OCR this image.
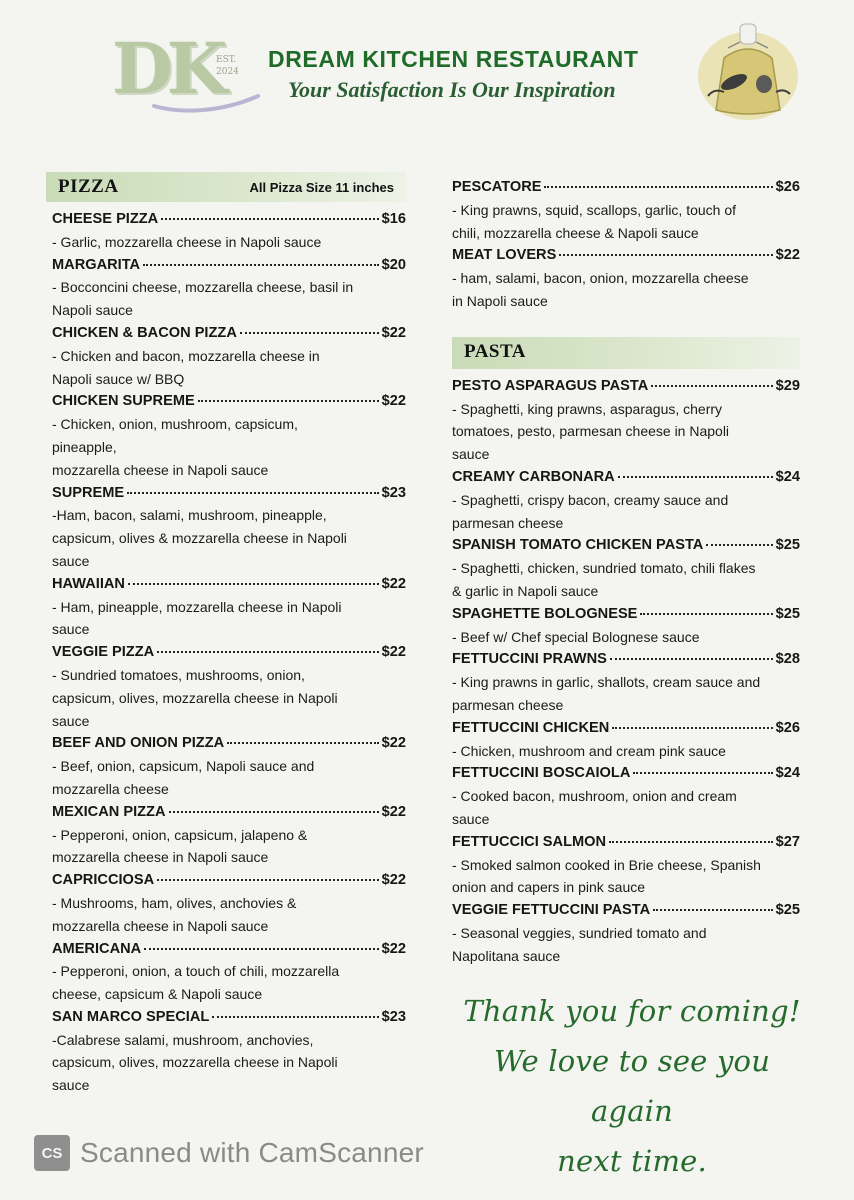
DK
EST. 2024	DREAM KITCHEN RESTAURANT
Your Satisfaction Is Our Inspiration
PIZZA	All Pizza Size 11 inches
CHEESE PIZZA	$16
- Garlic, mozzarella cheese in Napoli sauce
MARGARITA	$20
- Bocconcini cheese, mozzarella cheese, basil in
Napoli sauce
CHICKEN & BACON PIZZA	$22
- Chicken and bacon, mozzarella cheese in
Napoli sauce w/ BBQ
CHICKEN SUPREME	$22
- Chicken, onion, mushroom, capsicum,
pineapple,
mozzarella cheese in Napoli sauce
SUPREME	$23
-Ham, bacon, salami, mushroom, pineapple,
capsicum, olives & mozzarella cheese in Napoli
sauce
HAWAIIAN	$22
- Ham, pineapple, mozzarella cheese in Napoli
sauce
VEGGIE PIZZA	$22
- Sundried tomatoes, mushrooms, onion,
capsicum, olives, mozzarella cheese in Napoli
sauce
BEEF AND ONION PIZZA	$22
- Beef, onion, capsicum, Napoli sauce and
mozzarella cheese
MEXICAN PIZZA	$22
- Pepperoni, onion, capsicum, jalapeno &
mozzarella cheese in Napoli sauce
CAPRICCIOSA	$22
- Mushrooms, ham, olives, anchovies &
mozzarella cheese in Napoli sauce
AMERICANA	$22
- Pepperoni, onion, a touch of chili, mozzarella
cheese, capsicum & Napoli sauce
SAN MARCO SPECIAL	$23
-Calabrese salami, mushroom, anchovies,
capsicum, olives, mozzarella cheese in Napoli
sauce
PESCATORE	$26
- King prawns, squid, scallops, garlic, touch of
chili, mozzarella cheese & Napoli sauce
MEAT LOVERS	$22
- ham, salami, bacon, onion, mozzarella cheese
in Napoli sauce
PASTA
PESTO ASPARAGUS PASTA	$29
- Spaghetti, king prawns, asparagus, cherry
tomatoes, pesto, parmesan cheese in Napoli
sauce
CREAMY CARBONARA	$24
- Spaghetti, crispy bacon, creamy sauce and
parmesan cheese
SPANISH TOMATO CHICKEN PASTA	$25
- Spaghetti, chicken, sundried tomato, chili flakes
& garlic in Napoli sauce
SPAGHETTE BOLOGNESE	$25
- Beef w/ Chef special Bolognese sauce
FETTUCCINI PRAWNS	$28
- King prawns in garlic, shallots, cream sauce and
parmesan cheese
FETTUCCINI CHICKEN	$26
- Chicken, mushroom and cream pink sauce
FETTUCCINI BOSCAIOLA	$24
- Cooked bacon, mushroom, onion and cream
sauce
FETTUCCICI SALMON	$27
- Smoked salmon cooked in Brie cheese, Spanish
onion and capers in pink sauce
VEGGIE FETTUCCINI PASTA	$25
- Seasonal veggies, sundried tomato and
Napolitana sauce
Thank you for coming!
We love to see you again
next time.
CS Scanned with CamScanner
